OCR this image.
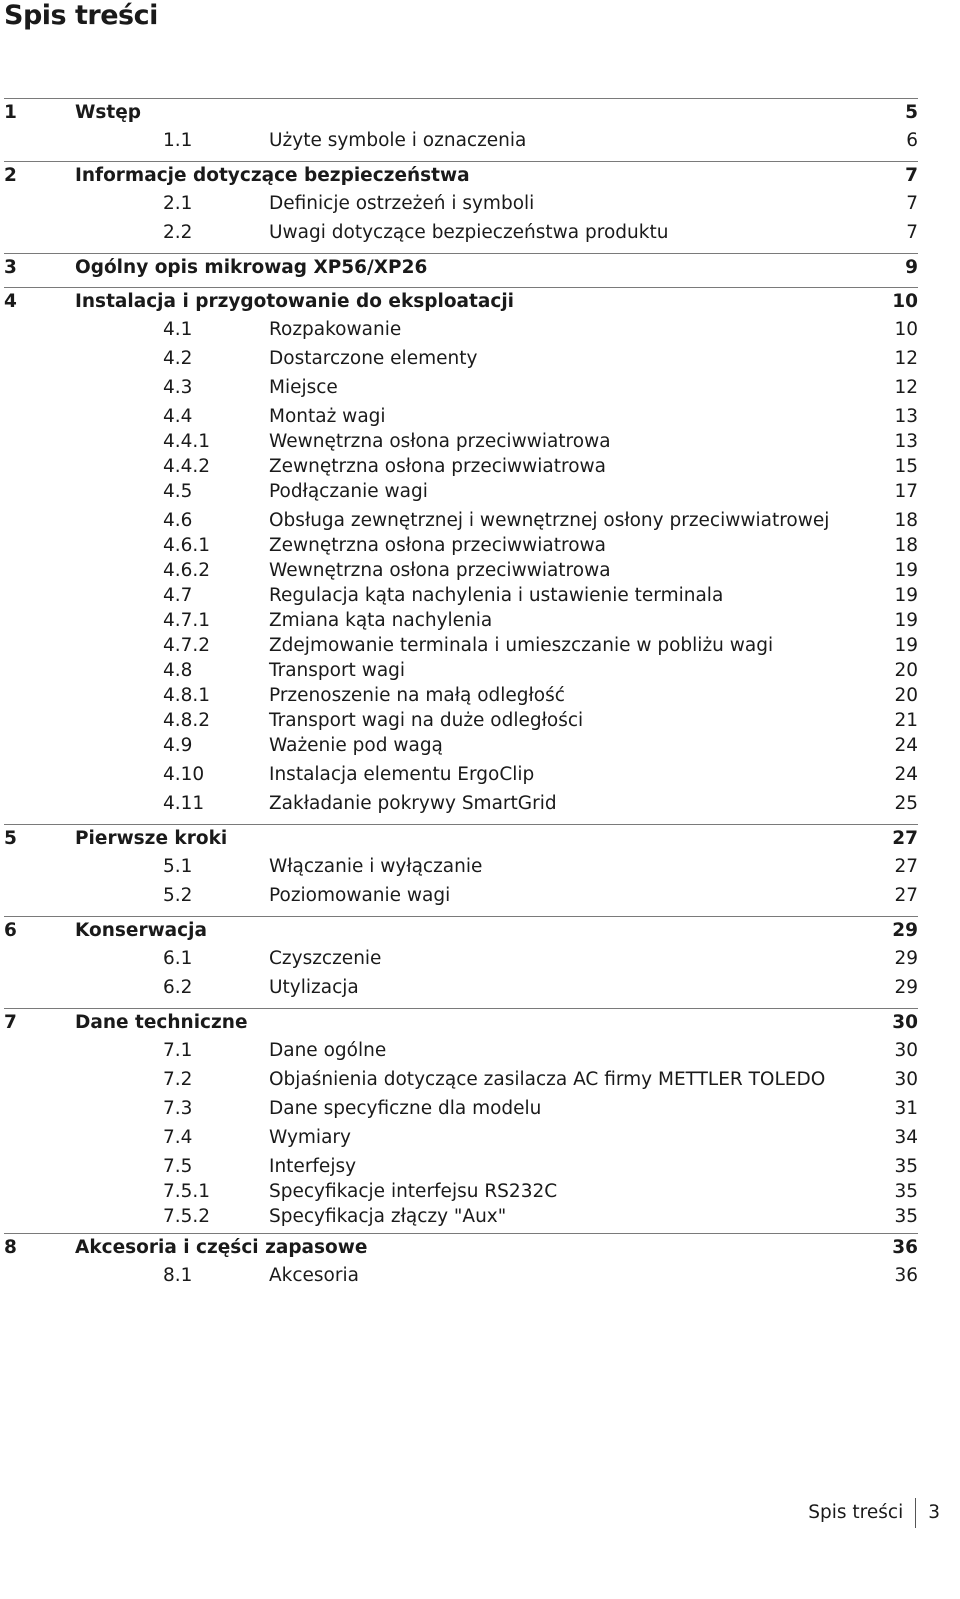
Spis treści
1	Wstęp	5
1.1	Użyte symbole i oznaczenia	6
2	Informacje dotyczące bezpieczeństwa	7
2.1	Definicje ostrzeżeń i symboli	7
2.2	Uwagi dotyczące bezpieczeństwa produktu	7
3	Ogólny opis mikrowag XP56/XP26	9
4	Instalacja i przygotowanie do eksploatacji	10
4.1	Rozpakowanie	10
4.2	Dostarczone elementy	12
4.3	Miejsce	12
4.4	Montaż wagi	13
4.4.1	Wewnętrzna osłona przeciwwiatrowa	13
4.4.2	Zewnętrzna osłona przeciwwiatrowa	15
4.5	Podłączanie wagi	17
4.6	Obsługa zewnętrznej i wewnętrznej osłony przeciwwiatrowej	18
4.6.1	Zewnętrzna osłona przeciwwiatrowa	18
4.6.2	Wewnętrzna osłona przeciwwiatrowa	19
4.7	Regulacja kąta nachylenia i ustawienie terminala	19
4.7.1	Zmiana kąta nachylenia	19
4.7.2	Zdejmowanie terminala i umieszczanie w pobliżu wagi	19
4.8	Transport wagi	20
4.8.1	Przenoszenie na małą odległość	20
4.8.2	Transport wagi na duże odległości	21
4.9	Ważenie pod wagą	24
4.10	Instalacja elementu ErgoClip	24
4.11	Zakładanie pokrywy SmartGrid	25
5	Pierwsze kroki	27
5.1	Włączanie i wyłączanie	27
5.2	Poziomowanie wagi	27
6	Konserwacja	29
6.1	Czyszczenie	29
6.2	Utylizacja	29
7	Dane techniczne	30
7.1	Dane ogólne	30
7.2	Objaśnienia dotyczące zasilacza AC firmy METTLER TOLEDO	30
7.3	Dane specyficzne dla modelu	31
7.4	Wymiary	34
7.5	Interfejsy	35
7.5.1	Specyfikacje interfejsu RS232C	35
7.5.2	Specyfikacja złączy "Aux"	35
8	Akcesoria i części zapasowe	36
8.1	Akcesoria	36
Spis treści	3
